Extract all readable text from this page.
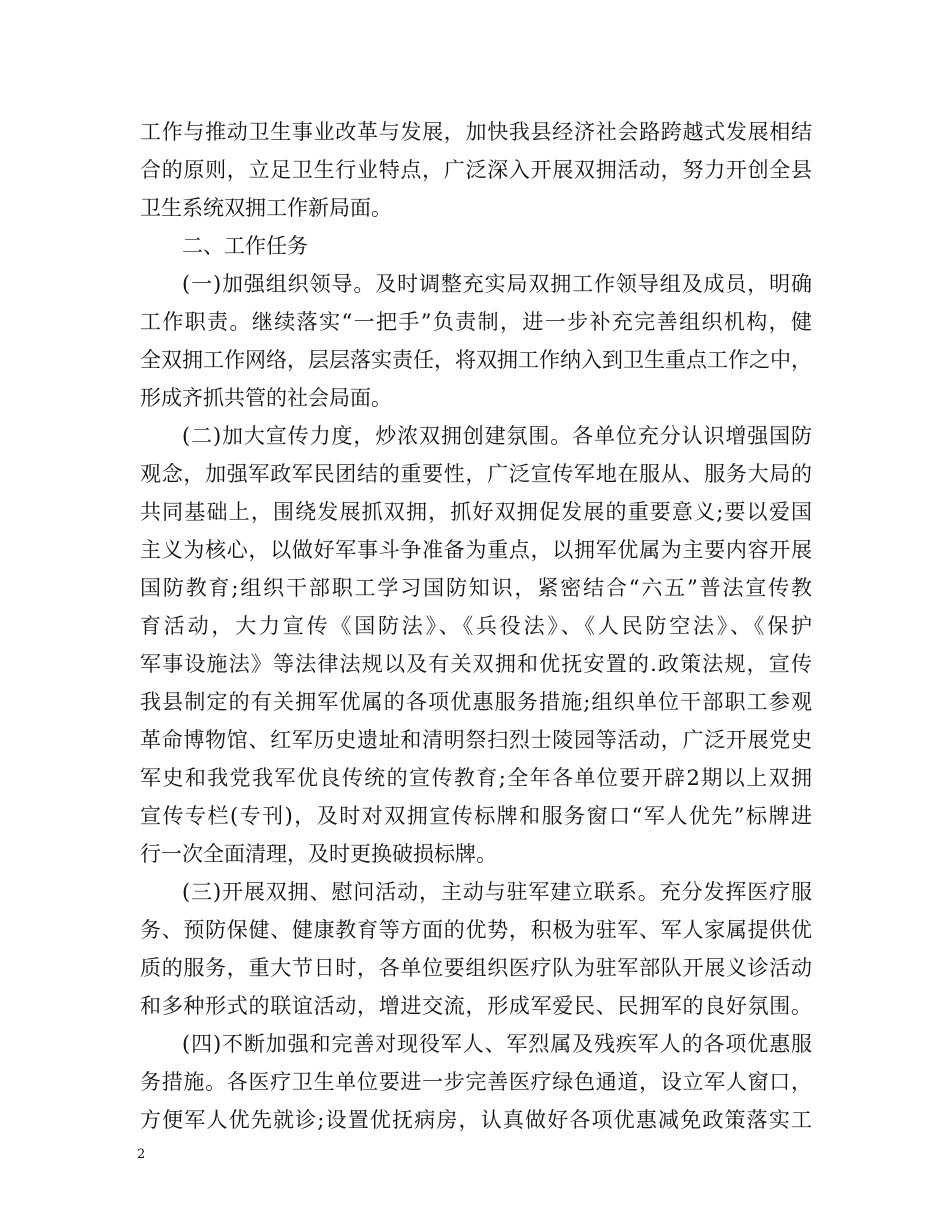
工作与推动卫生事业改革与发展，加快我县经济社会路跨越式发展相结
合的原则，立足卫生行业特点，广泛深入开展双拥活动，努力开创全县
卫生系统双拥工作新局面。
二、工作任务
(一)加强组织领导。及时调整充实局双拥工作领导组及成员，明确
工作职责。继续落实“一把手”负责制，进一步补充完善组织机构，健
全双拥工作网络，层层落实责任，将双拥工作纳入到卫生重点工作之中，
形成齐抓共管的社会局面。
(二)加大宣传力度，炒浓双拥创建氛围。各单位充分认识增强国防
观念，加强军政军民团结的重要性，广泛宣传军地在服从、服务大局的
共同基础上，围绕发展抓双拥，抓好双拥促发展的重要意义;要以爱国
主义为核心，以做好军事斗争准备为重点，以拥军优属为主要内容开展
国防教育;组织干部职工学习国防知识，紧密结合“六五”普法宣传教
育活动，大力宣传《国防法》、《兵役法》、《人民防空法》、《保护
军事设施法》等法律法规以及有关双拥和优抚安置的.政策法规，宣传
我县制定的有关拥军优属的各项优惠服务措施;组织单位干部职工参观
革命博物馆、红军历史遗址和清明祭扫烈士陵园等活动，广泛开展党史
军史和我党我军优良传统的宣传教育;全年各单位要开辟2期以上双拥
宣传专栏(专刊)，及时对双拥宣传标牌和服务窗口“军人优先”标牌进
行一次全面清理，及时更换破损标牌。
(三)开展双拥、慰问活动，主动与驻军建立联系。充分发挥医疗服
务、预防保健、健康教育等方面的优势，积极为驻军、军人家属提供优
质的服务，重大节日时，各单位要组织医疗队为驻军部队开展义诊活动
和多种形式的联谊活动，增进交流，形成军爱民、民拥军的良好氛围。
(四)不断加强和完善对现役军人、军烈属及残疾军人的各项优惠服
务措施。各医疗卫生单位要进一步完善医疗绿色通道，设立军人窗口，
方便军人优先就诊;设置优抚病房，认真做好各项优惠减免政策落实工
2
